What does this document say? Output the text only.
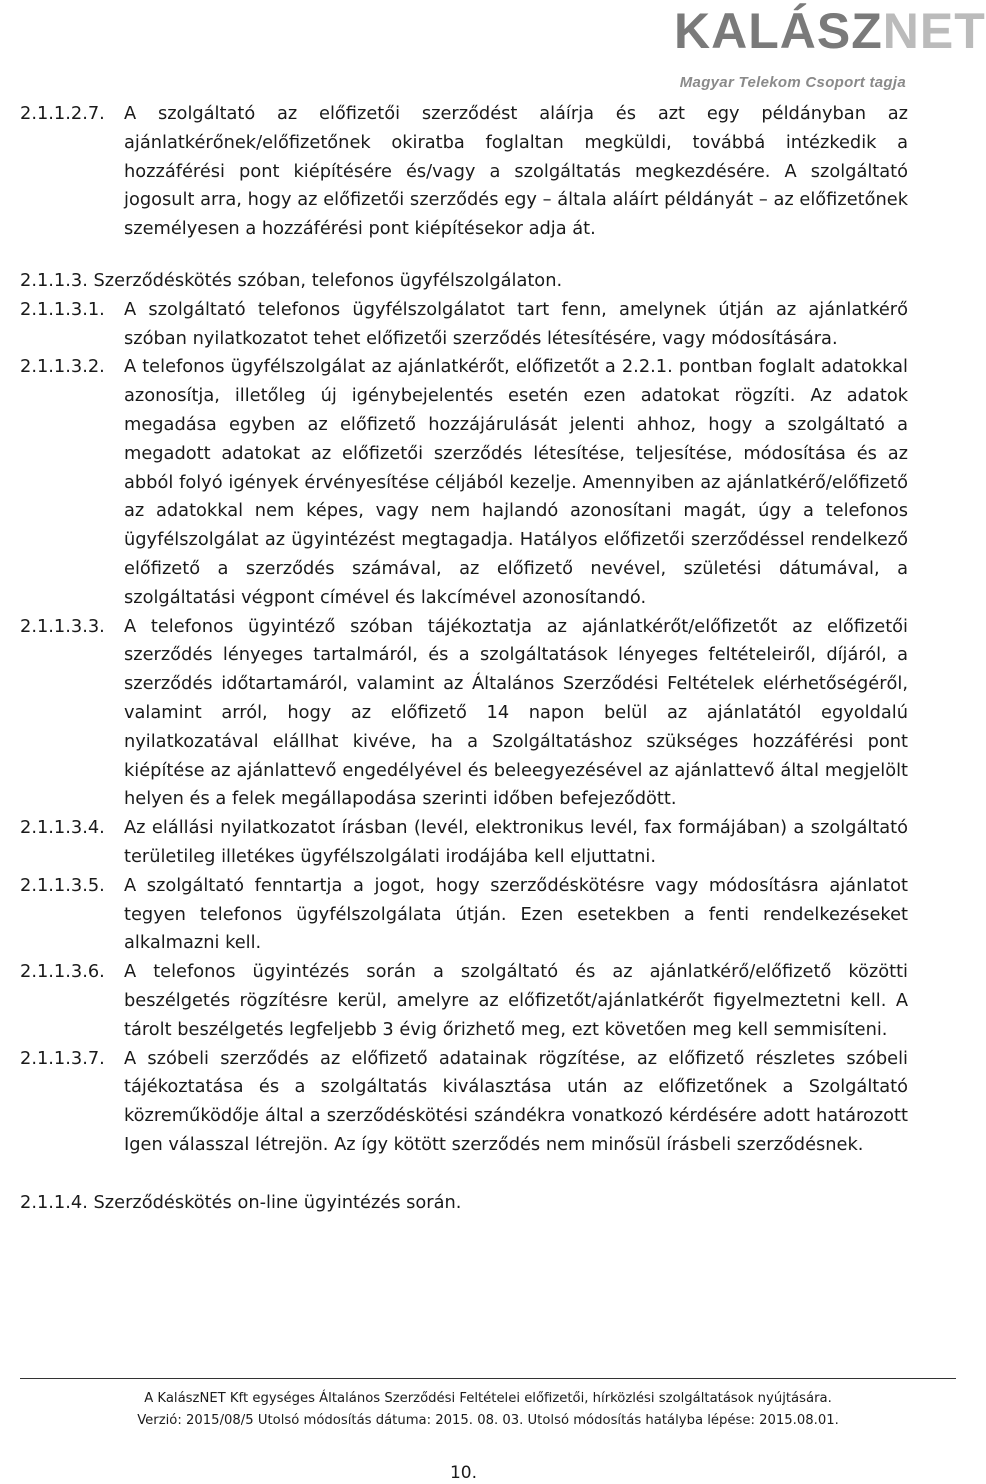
KALÁSZNET
Magyar Telekom Csoport tagja
2.1.1.2.7.	A szolgáltató az előfizetői szerződést aláírja és azt egy példányban az ajánlatkérőnek/előfizetőnek okiratba foglaltan megküldi, továbbá intézkedik a hozzáférési pont kiépítésére és/vagy a szolgáltatás megkezdésére. A szolgáltató jogosult arra, hogy az előfizetői szerződés egy – általa aláírt példányát – az előfizetőnek személyesen a hozzáférési pont kiépítésekor adja át.
2.1.1.3. Szerződéskötés szóban, telefonos ügyfélszolgálaton.
2.1.1.3.1.	A szolgáltató telefonos ügyfélszolgálatot tart fenn, amelynek útján az ajánlatkérő szóban nyilatkozatot tehet előfizetői szerződés létesítésére, vagy módosítására.
2.1.1.3.2.	A telefonos ügyfélszolgálat az ajánlatkérőt, előfizetőt a 2.2.1. pontban foglalt adatokkal azonosítja, illetőleg új igénybejelentés esetén ezen adatokat rögzíti. Az adatok megadása egyben az előfizető hozzájárulását jelenti ahhoz, hogy a szolgáltató a megadott adatokat az előfizetői szerződés létesítése, teljesítése, módosítása és az abból folyó igények érvényesítése céljából kezelje. Amennyiben az ajánlatkérő/előfizető az adatokkal nem képes, vagy nem hajlandó azonosítani magát, úgy a telefonos ügyfélszolgálat az ügyintézést megtagadja. Hatályos előfizetői szerződéssel rendelkező előfizető a szerződés számával, az előfizető nevével, születési dátumával, a szolgáltatási végpont címével és lakcímével azonosítandó.
2.1.1.3.3.	A telefonos ügyintéző szóban tájékoztatja az ajánlatkérőt/előfizetőt az előfizetői szerződés lényeges tartalmáról, és a szolgáltatások lényeges feltételeiről, díjáról, a szerződés időtartamáról, valamint az Általános Szerződési Feltételek elérhetőségéről, valamint arról, hogy az előfizető 14 napon belül az ajánlatától egyoldalú nyilatkozatával elállhat kivéve, ha a Szolgáltatáshoz szükséges hozzáférési pont kiépítése az ajánlattevő engedélyével és beleegyezésével az ajánlattevő által megjelölt helyen és a felek megállapodása szerinti időben befejeződött.
2.1.1.3.4.	Az elállási nyilatkozatot írásban (levél, elektronikus levél, fax formájában) a szolgáltató területileg illetékes ügyfélszolgálati irodájába kell eljuttatni.
2.1.1.3.5.	A szolgáltató fenntartja a jogot, hogy szerződéskötésre vagy módosításra ajánlatot tegyen telefonos ügyfélszolgálata útján. Ezen esetekben a fenti rendelkezéseket alkalmazni kell.
2.1.1.3.6.	A telefonos ügyintézés során a szolgáltató és az ajánlatkérő/előfizető közötti beszélgetés rögzítésre kerül, amelyre az előfizetőt/ajánlatkérőt figyelmeztetni kell. A tárolt beszélgetés legfeljebb 3 évig őrizhető meg, ezt követően meg kell semmisíteni.
2.1.1.3.7.	A szóbeli szerződés az előfizető adatainak rögzítése, az előfizető részletes szóbeli tájékoztatása és a szolgáltatás kiválasztása után az előfizetőnek a Szolgáltató közreműködője által a szerződéskötési szándékra vonatkozó kérdésére adott határozott Igen válasszal létrejön. Az így kötött szerződés nem minősül írásbeli szerződésnek.
2.1.1.4. Szerződéskötés on-line ügyintézés során.
A KalászNET Kft egységes Általános Szerződési Feltételei előfizetői, hírközlési szolgáltatások nyújtására.
Verzió: 2015/08/5 Utolsó módosítás dátuma: 2015. 08. 03. Utolsó módosítás hatályba lépése: 2015.08.01.
10.
